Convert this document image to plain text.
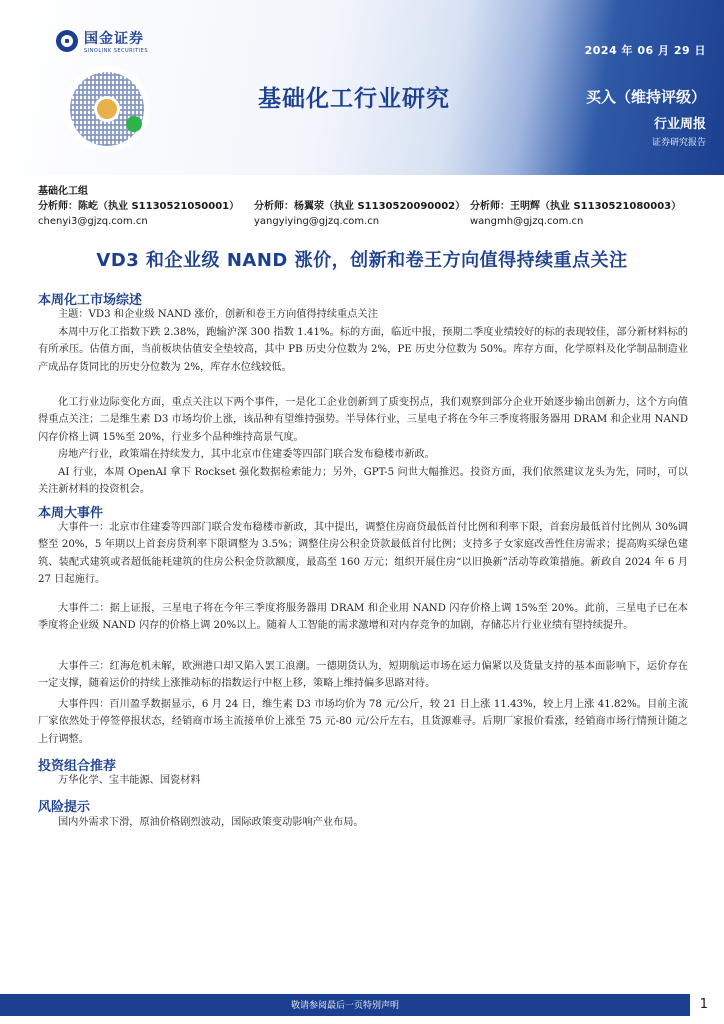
国金证券
SINOLINK SECURITIES	2024 年 06 月 29 日
基础化工行业研究	买入（维持评级）
行业周报
证券研究报告
基础化工组
分析师：陈屹（执业 S1130521050001）
chenyi3@gjzq.com.cn
分析师：杨翼荥（执业 S1130520090002）
yangyiying@gjzq.com.cn
分析师：王明辉（执业 S1130521080003）
wangmh@gjzq.com.cn
VD3 和企业级 NAND 涨价，创新和卷王方向值得持续重点关注
本周化工市场综述
主题：VD3 和企业级 NAND 涨价，创新和卷王方向值得持续重点关注
本周中万化工指数下跌 2.38%，跑输沪深 300 指数 1.41%。标的方面，临近中报，预期二季度业绩较好的标的表现较佳，部分新材料标的有所承压。估值方面，当前板块估值安全垫较高，其中 PB 历史分位数为 2%，PE 历史分位数为 50%。库存方面，化学原料及化学制品制造业产成品存货同比的历史分位数为 2%，库存水位线较低。
化工行业边际变化方面，重点关注以下两个事件，一是化工企业创新到了质变拐点，我们观察到部分企业开始逐步输出创新力，这个方向值得重点关注；二是维生素 D3 市场均价上涨，该品种有望维持强势。半导体行业，三星电子将在今年三季度将服务器用 DRAM 和企业用 NAND 闪存价格上调 15%至 20%，行业多个品种维持高景气度。
房地产行业，政策端在持续发力，其中北京市住建委等四部门联合发布稳楼市新政。
AI 行业，本周 OpenAI 拿下 Rockset 强化数据检索能力；另外，GPT-5 问世大幅推迟。投资方面，我们依然建议龙头为先，同时，可以关注新材料的投资机会。
本周大事件
大事件一：北京市住建委等四部门联合发布稳楼市新政，其中提出，调整住房商贷最低首付比例和利率下限，首套房最低首付比例从 30%调整至 20%，5 年期以上首套房贷利率下限调整为 3.5%；调整住房公积金贷款最低首付比例；支持多子女家庭改善性住房需求；提高购买绿色建筑、装配式建筑或者超低能耗建筑的住房公积金贷款额度，最高至 160 万元；组织开展住房“以旧换新”活动等政策措施。新政自 2024 年 6 月 27 日起施行。
大事件二：据上证报，三星电子将在今年三季度将服务器用 DRAM 和企业用 NAND 闪存价格上调 15%至 20%。此前，三星电子已在本季度将企业级 NAND 闪存的价格上调 20%以上。随着人工智能的需求激增和对内存竞争的加剧，存储芯片行业业绩有望持续提升。
大事件三：红海危机未解，欧洲港口却又陷入罢工浪潮。一德期货认为，短期航运市场在运力偏紧以及货量支持的基本面影响下，运价存在一定支撑，随着运价的持续上涨推动标的指数运行中枢上移，策略上维持偏多思路对待。
大事件四：百川盈孚数据显示，6 月 24 日，维生素 D3 市场均价为 78 元/公斤，较 21 日上涨 11.43%，较上月上涨 41.82%。目前主流厂家依然处于停签停报状态，经销商市场主流接单价上涨至 75 元-80 元/公斤左右，且货源难寻。后期厂家报价看涨，经销商市场行情预计随之上行调整。
投资组合推荐
万华化学、宝丰能源、国瓷材料
风险提示
国内外需求下滑，原油价格剧烈波动，国际政策变动影响产业布局。
敬请参阅最后一页特别声明	1
